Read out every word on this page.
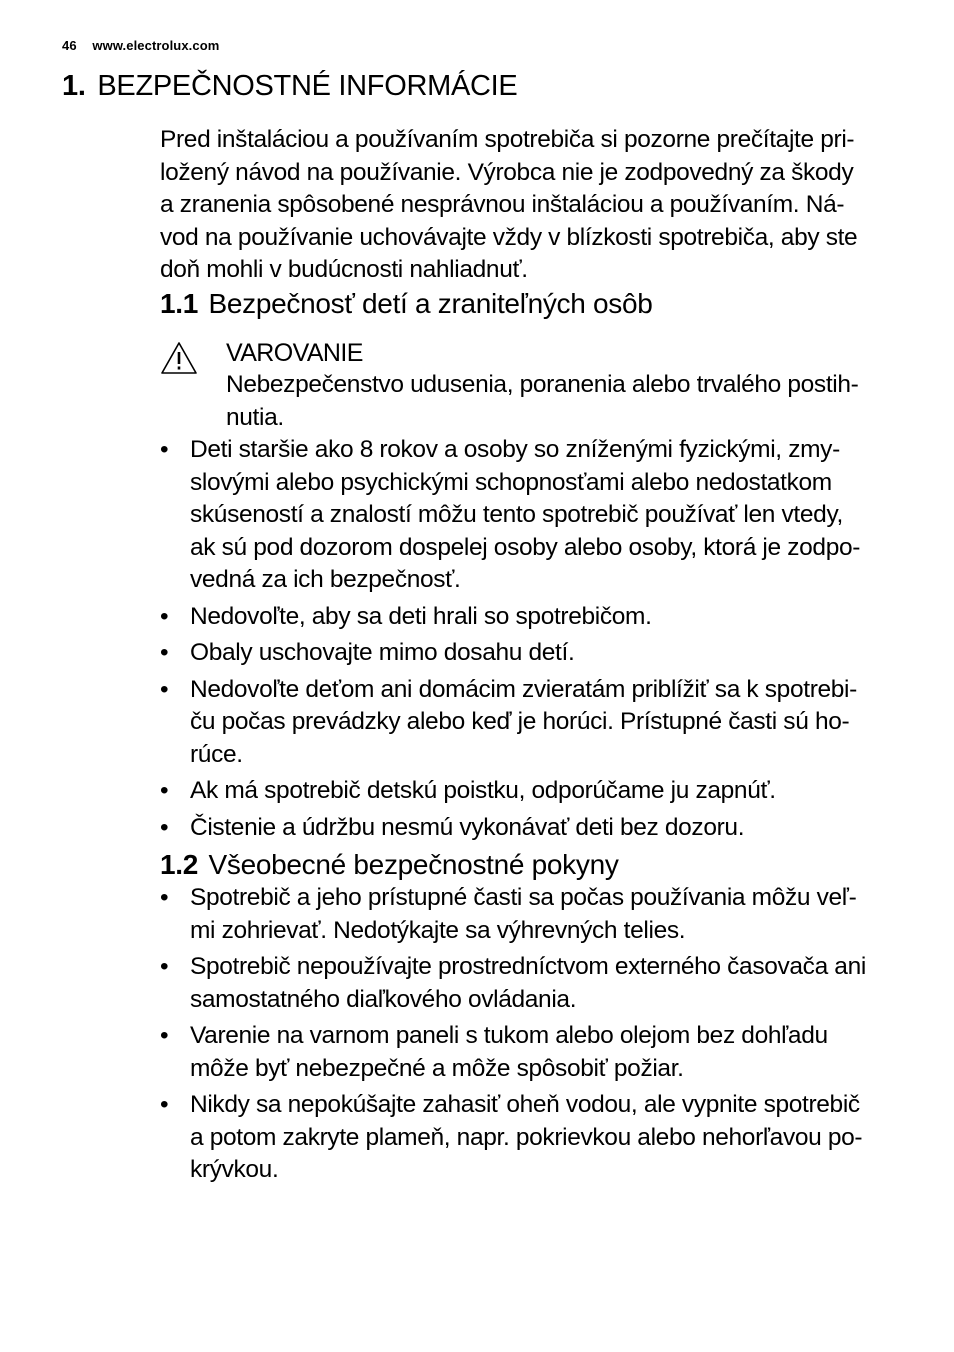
46 www.electrolux.com
1. BEZPEČNOSTNÉ INFORMÁCIE

Pred inštaláciou a používaním spotrebiča si pozorne prečítajte pri-
ložený návod na používanie. Výrobca nie je zodpovedný za škody
a zranenia spôsobené nesprávnou inštaláciou a používaním. Ná-
vod na používanie uchovávajte vždy v blízkosti spotrebiča, aby ste
doň mohli v budúcnosti nahliadnuť.

1.1 Bezpečnosť detí a zraniteľných osôb

VAROVANIE

Nebezpečenstvo udusenia, poranenia alebo trvalého postih-
nutia.

• Deti staršie ako 8 rokov a osoby so zníženými fyzickými, zmy-
slovými alebo psychickými schopnosťami alebo nedostatkom
skúseností a znalostí môžu tento spotrebič používať len vtedy,
ak sú pod dozorom dospelej osoby alebo osoby, ktorá je zodpo-
vedná za ich bezpečnosť.
• Nedovoľte, aby sa deti hrali so spotrebičom.
• Obaly uschovajte mimo dosahu detí.
• Nedovoľte deťom ani domácim zvieratám priblížiť sa k spotrebi-
ču počas prevádzky alebo keď je horúci. Prístupné časti sú ho-
rúce.
• Ak má spotrebič detskú poistku, odporúčame ju zapnúť.
• Čistenie a údržbu nesmú vykonávať deti bez dozoru.
1.2 Všeobecné bezpečnostné pokyny
• Spotrebič a jeho prístupné časti sa počas používania môžu veľ-
mi zohrievať. Nedotýkajte sa výhrevných telies.
• Spotrebič nepoužívajte prostredníctvom externého časovača ani
samostatného diaľkového ovládania.
• Varenie na varnom paneli s tukom alebo olejom bez dohľadu
môže byť nebezpečné a môže spôsobiť požiar.
• Nikdy sa nepokúšajte zahasiť oheň vodou, ale vypnite spotrebič
a potom zakryte plameň, napr. pokrievkou alebo nehorľavou po-
krývkou.
